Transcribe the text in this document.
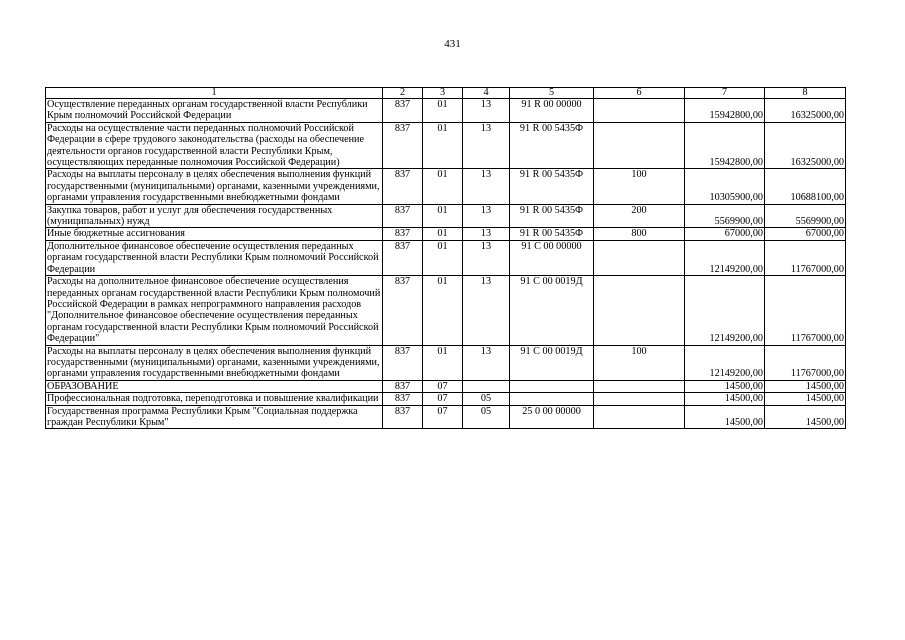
431
1	2	3	4	5	6	7	8
Осуществление переданных органам государственной власти Республики Крым полномочий Российской Федерации	837	01	13	91 R 00 00000		15942800,00	16325000,00
Расходы на осуществление части переданных полномочий Российской Федерации в сфере трудового законодательства (расходы на обеспечение деятельности органов государственной власти Республики Крым, осуществляющих переданные полномочия Российской Федерации)	837	01	13	91 R 00 5435Ф		15942800,00	16325000,00
Расходы на выплаты персоналу в целях обеспечения выполнения функций государственными (муниципальными) органами, казенными учреждениями, органами управления государственными внебюджетными фондами	837	01	13	91 R 00 5435Ф	100	10305900,00	10688100,00
Закупка товаров, работ и услуг для обеспечения государственных (муниципальных) нужд	837	01	13	91 R 00 5435Ф	200	5569900,00	5569900,00
Иные бюджетные ассигнования	837	01	13	91 R 00 5435Ф	800	67000,00	67000,00
Дополнительное финансовое обеспечение осуществления переданных органам государственной власти Республики Крым полномочий Российской Федерации	837	01	13	91 С 00 00000		12149200,00	11767000,00
Расходы на дополнительное финансовое обеспечение осуществления переданных органам государственной власти Республики Крым полномочий Российской Федерации в рамках непрограммного направления расходов "Дополнительное финансовое обеспечение осуществления переданных органам государственной власти Республики Крым полномочий Российской Федерации"	837	01	13	91 С 00 0019Д		12149200,00	11767000,00
Расходы на выплаты персоналу в целях обеспечения выполнения функций государственными (муниципальными) органами, казенными учреждениями, органами управления государственными внебюджетными фондами	837	01	13	91 С 00 0019Д	100	12149200,00	11767000,00
ОБРАЗОВАНИЕ	837	07				14500,00	14500,00
Профессиональная подготовка, переподготовка и повышение квалификации	837	07	05			14500,00	14500,00
Государственная программа Республики Крым "Социальная поддержка граждан Республики Крым"	837	07	05	25 0 00 00000		14500,00	14500,00
